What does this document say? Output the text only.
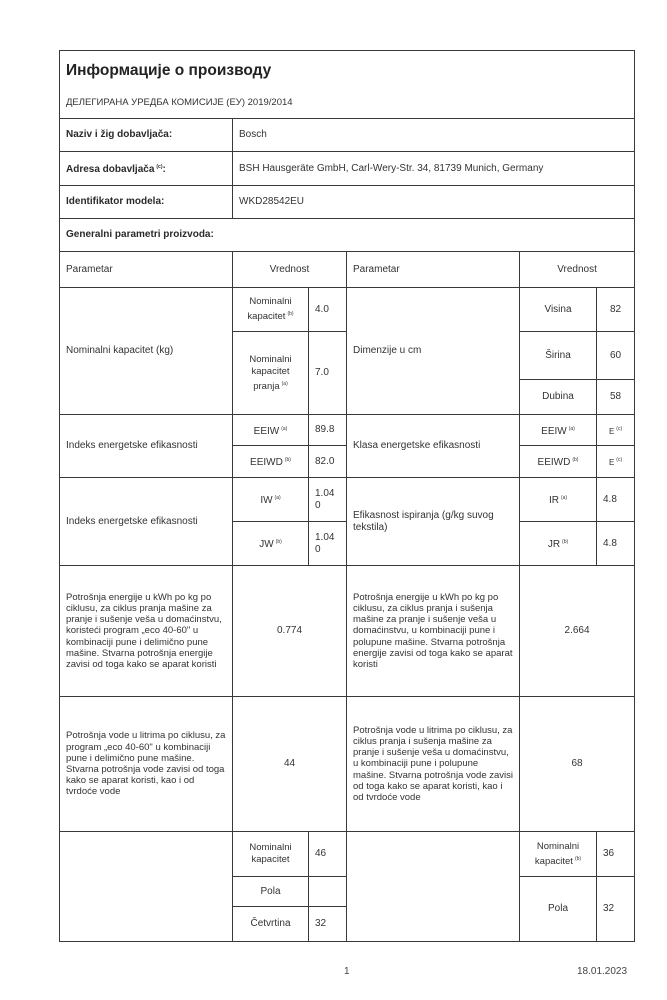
Информације о производу					
ДЕЛЕГИРАНА УРЕДБА КОМИСИЈЕ (ЕУ) 2019/2014					
Naziv i žig dobavljača:	Bosch				
Adresa dobavljača $^{(c)}$:	BSH Hausgeräte GmbH, Carl-Wery-Str. 34, 81739 Munich, Germany				
Identifikator modela:	WKD28542EU				
Generalni parametri proizvoda:					
Parametar	Vrednost		Parametar	Vrednost	
Nominalni kapacitet (kg)	Nominalni kapacitet $^{(b)}$	4.0	Dimenzije u cm	Visina	82
	Nominalni kapacitet pranja $^{(a)}$	7.0		Širina	60
				Dubina	58
Indeks energetske efikasnosti	EEIW $^{(a)}$	89.8	Klasa energetske efikasnosti	EEIW $^{(a)}$	E $^{(c)}$
	EEIWD $^{(b)}$	82.0		EEIWD $^{(b)}$	E $^{(c)}$
Indeks energetske efikasnosti	IW $^{(a)}$	1.040	Efikasnost ispiranja (g/kg suvog tekstila)	IR $^{(a)}$	4.8
	JW $^{(b)}$	1.040		JR $^{(b)}$	4.8
Potrošnja energije u kWh po kg po ciklusu, za ciklus pranja mašine za pranje i sušenje veša u domaćinstvu, koristeći program „eco 40-60" u kombinaciji pune i delimično pune mašine. Stvarna potrošnja energije zavisi od toga kako se aparat koristi	0.774	Potrošnja energije u kWh po kg po ciklusu, za ciklus pranja i sušenja mašine za pranje i sušenje veša u domaćinstvu, u kombinaciji pune i polupune mašine. Stvarna potrošnja energije zavisi od toga kako se aparat koristi	2.664
Potrošnja vode u litrima po ciklusu, za program „eco 40-60" u kombinaciji pune i delimično pune mašine. Stvarna potrošnja vode zavisi od toga kako se aparat koristi, kao i od tvrdoće vode	44		Potrošnja vode u litrima po ciklusu, za ciklus pranja i sušenja mašine za pranje i sušenje veša u domaćinstvu, u kombinaciji pune i polupune mašine. Stvarna potrošnja vode zavisi od toga kako se aparat koristi, kao i od tvrdoće vode	68	
	Nominalni kapacitet	46		Nominalni kapacitet $^{(b)}$	36
	Pola			Pola	32
	Četvrtina	32			
1	18.01.2023
